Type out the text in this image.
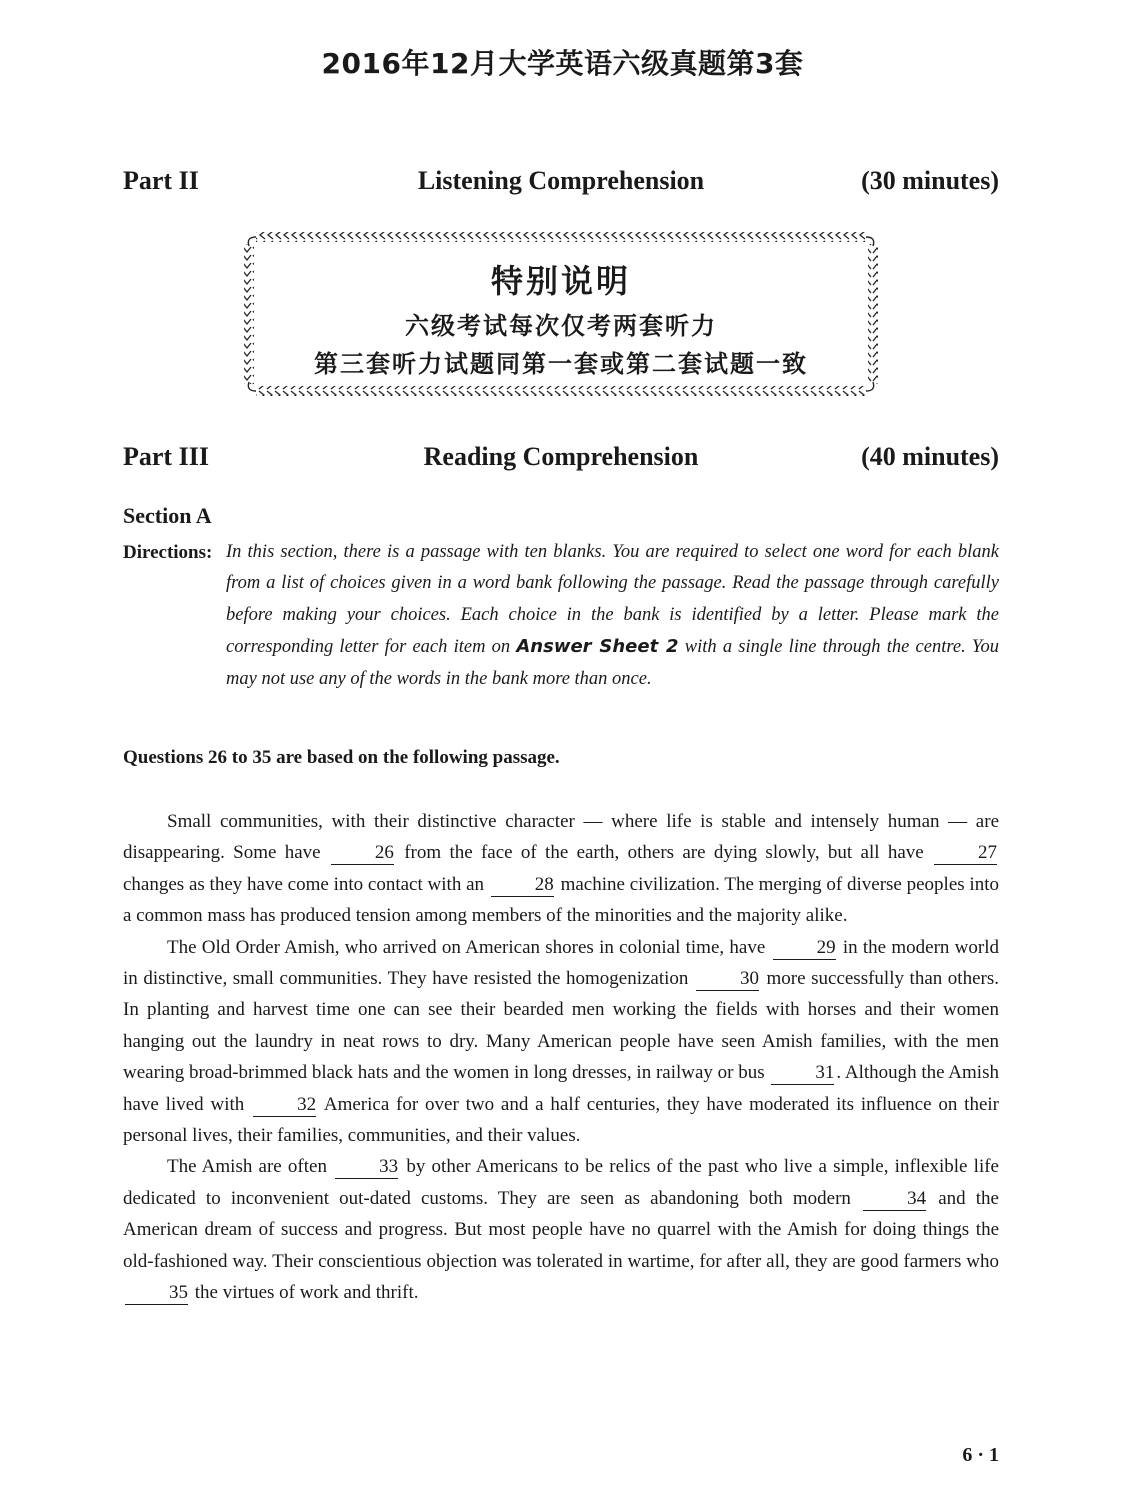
2016年12月大学英语六级真题第3套
Part II	Listening Comprehension	(30 minutes)
特别说明
六级考试每次仅考两套听力
第三套听力试题同第一套或第二套试题一致
Part III	Reading Comprehension	(40 minutes)
Section A
Directions: In this section, there is a passage with ten blanks. You are required to select one word for each blank from a list of choices given in a word bank following the passage. Read the passage through carefully before making your choices. Each choice in the bank is identified by a letter. Please mark the corresponding letter for each item on Answer Sheet 2 with a single line through the centre. You may not use any of the words in the bank more than once.
Questions 26 to 35 are based on the following passage.

Small communities, with their distinctive character — where life is stable and intensely human — are disappearing. Some have 26 from the face of the earth, others are dying slowly, but all have 27 changes as they have come into contact with an 28 machine civilization. The merging of diverse peoples into a common mass has produced tension among members of the minorities and the majority alike.

The Old Order Amish, who arrived on American shores in colonial time, have 29 in the modern world in distinctive, small communities. They have resisted the homogenization 30 more successfully than others. In planting and harvest time one can see their bearded men working the fields with horses and their women hanging out the laundry in neat rows to dry. Many American people have seen Amish families, with the men wearing broad-brimmed black hats and the women in long dresses, in railway or bus 31 . Although the Amish have lived with 32 America for over two and a half centuries, they have moderated its influence on their personal lives, their families, communities, and their values.

The Amish are often 33 by other Americans to be relics of the past who live a simple, inflexible life dedicated to inconvenient out-dated customs. They are seen as abandoning both modern 34 and the American dream of success and progress. But most people have no quarrel with the Amish for doing things the old-fashioned way. Their conscientious objection was tolerated in wartime, for after all, they are good farmers who 35 the virtues of work and thrift.

6 · 1
